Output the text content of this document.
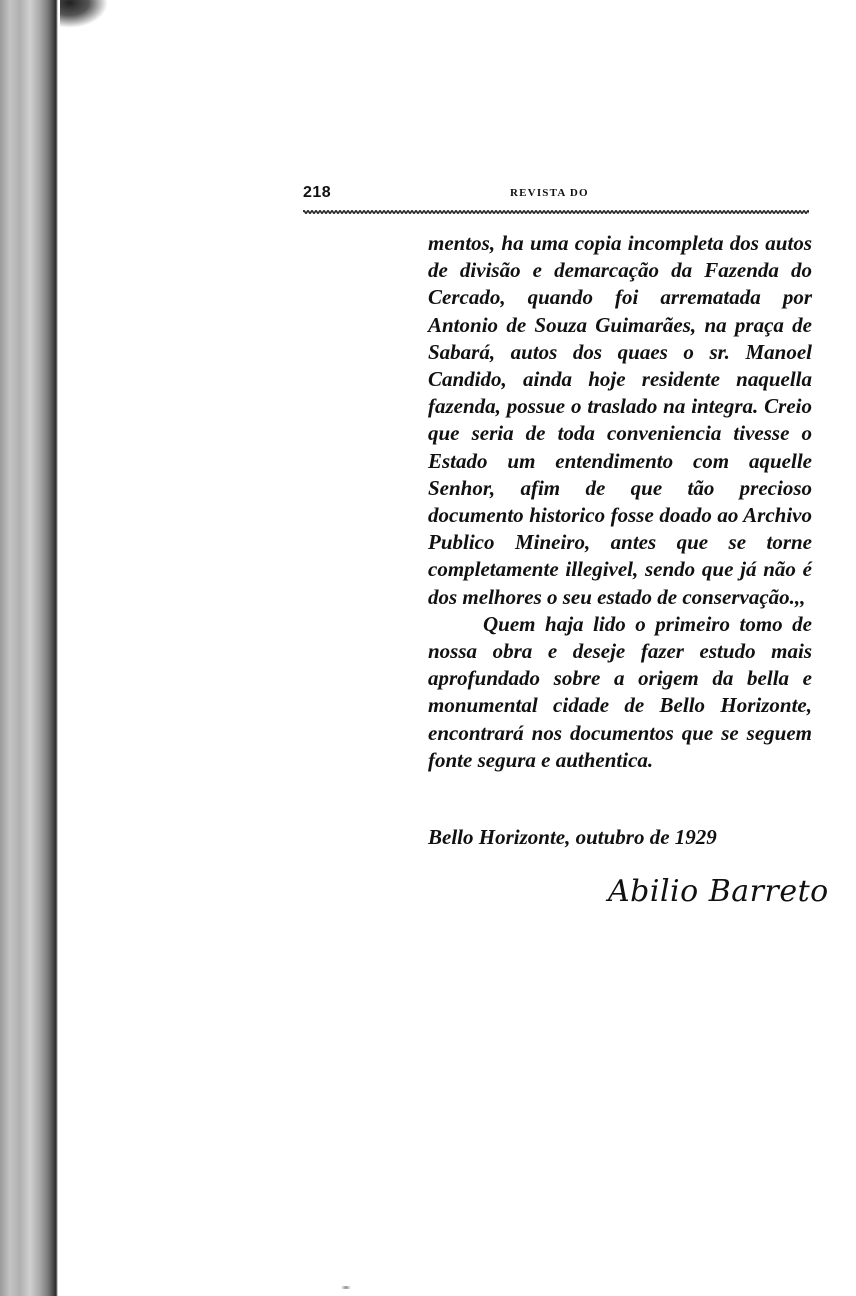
218	REVISTA DO

mentos, ha uma copia incompleta dos autos de divisão e demarcação da Fazenda do Cercado, quando foi arrematada por Antonio de Souza Guimarães, na praça de Sabará, autos dos quaes o sr. Manoel Candido, ainda hoje residente naquella fazenda, possue o traslado na integra. Creio que seria de toda conveniencia tivesse o Estado um entendimento com aquelle Senhor, afim de que tão precioso documento historico fosse doado ao Archivo Publico Mineiro, antes que se torne completamente illegivel, sendo que já não é dos melhores o seu estado de conservação.,,

Quem haja lido o primeiro tomo de nossa obra e deseje fazer estudo mais aprofundado sobre a origem da bella e monumental cidade de Bello Horizonte, encontrará nos documentos que se seguem fonte segura e authentica.

Bello Horizonte, outubro de 1929
Abilio Barreto
